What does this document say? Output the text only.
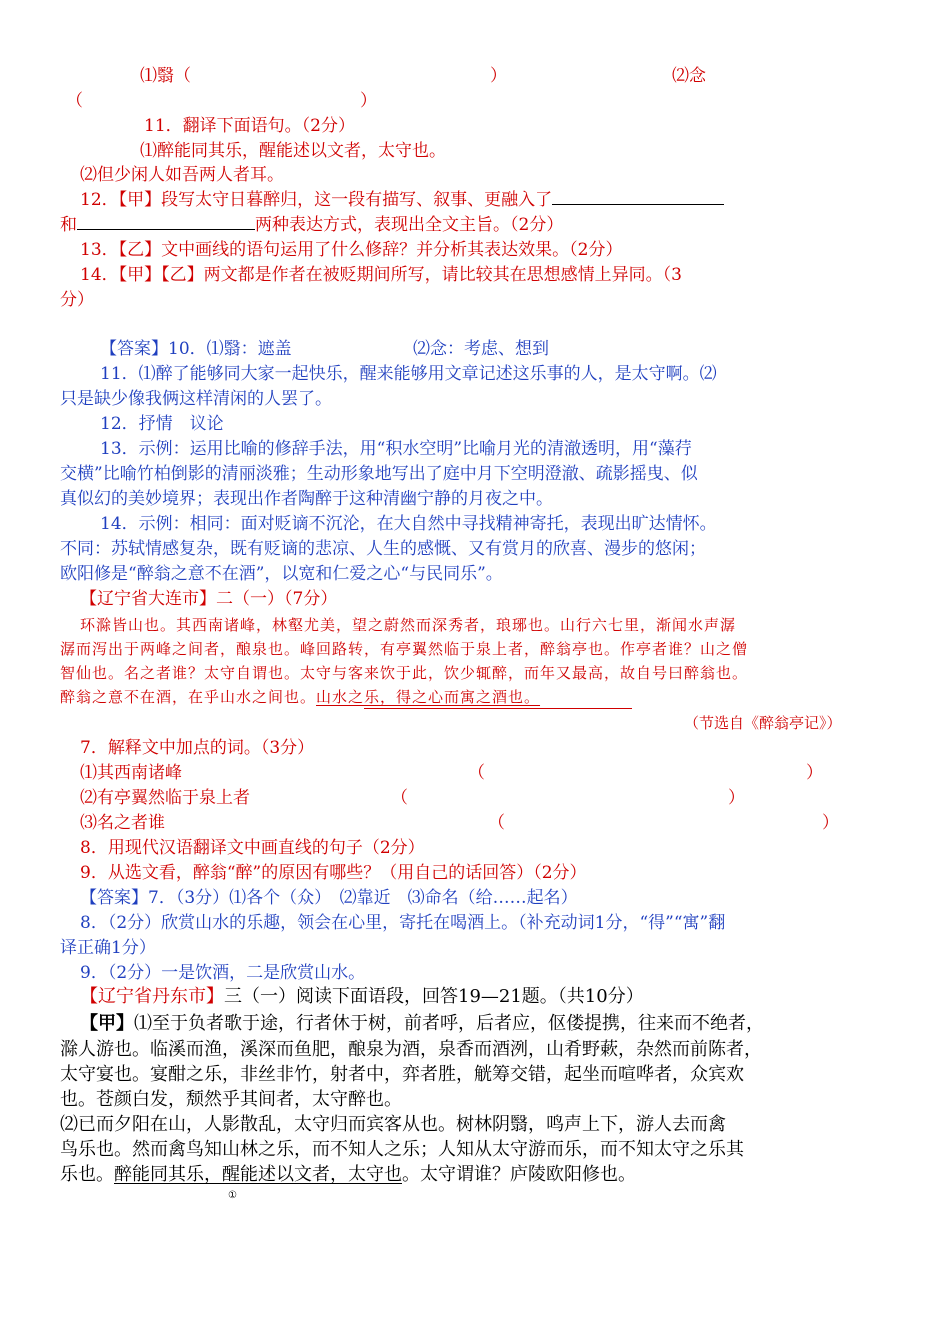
⑴翳（	）	⑵念
（	）
11．翻译下面语句。（2分）
⑴醉能同其乐，醒能述以文者，太守也。
⑵但少闲人如吾两人者耳。
12．【甲】段写太守日暮醉归，这一段有描写、叙事、更融入了
和	两种表达方式，表现出全文主旨。（2分）
13．【乙】文中画线的语句运用了什么修辞？并分析其表达效果。（2分）
14．【甲】【乙】两文都是作者在被贬期间所写，请比较其在思想感情上异同。（3
分）
【答案】10．⑴翳：遮盖	⑵念：考虑、想到
11．⑴醉了能够同大家一起快乐，醒来能够用文章记述这乐事的人，是太守啊。⑵
只是缺少像我俩这样清闲的人罢了。
12．抒情　议论
13．示例：运用比喻的修辞手法，用“积水空明”比喻月光的清澈透明，用“藻荇
交横”比喻竹柏倒影的清丽淡雅；生动形象地写出了庭中月下空明澄澈、疏影摇曳、似
真似幻的美妙境界；表现出作者陶醉于这种清幽宁静的月夜之中。
14．示例：相同：面对贬谪不沉沦，在大自然中寻找精神寄托，表现出旷达情怀。
不同：苏轼情感复杂，既有贬谪的悲凉、人生的感慨、又有赏月的欣喜、漫步的悠闲；
欧阳修是“醉翁之意不在酒”，以宽和仁爱之心“与民同乐”。
【辽宁省大连市】二（一）（7分）
环滁皆山也。其西南诸峰，林壑尤美，望之蔚然而深秀者，琅琊也。山行六七里，渐闻水声潺
潺而泻出于两峰之间者，酿泉也。峰回路转，有亭翼然临于泉上者，醉翁亭也。作亭者谁？山之僧
智仙也。名之者谁？太守自谓也。太守与客来饮于此，饮少辄醉，而年又最高，故自号曰醉翁也。
醉翁之意不在酒，在乎山水之间也。山水之乐，得之心而寓之酒也。
（节选自《醉翁亭记》）
7．解释文中加点的词。（3分）
⑴其西南诸峰	（	）
⑵有亭翼然临于泉上者	（	）
⑶名之者谁	（	）
8．用现代汉语翻译文中画直线的句子（2分）
9．从选文看，醉翁“醉”的原因有哪些？（用自己的话回答）（2分）
【答案】7．（3分）⑴各个（众）　⑵靠近　⑶命名（给……起名）
8．（2分）欣赏山水的乐趣，领会在心里，寄托在喝酒上。（补充动词1分，“得”“寓”翻
译正确1分）
9．（2分）一是饮酒，二是欣赏山水。
【辽宁省丹东市】三（一）阅读下面语段，回答19—21题。（共10分）
【甲】⑴至于负者歌于途，行者休于树，前者呼，后者应，伛偻提携，往来而不绝者，
滁人游也。临溪而渔，溪深而鱼肥，酿泉为酒，泉香而酒洌，山肴野蔌，杂然而前陈者，
太守宴也。宴酣之乐，非丝非竹，射者中，弈者胜，觥筹交错，起坐而喧哗者，众宾欢
也。苍颜白发，颓然乎其间者，太守醉也。
⑵已而夕阳在山，人影散乱，太守归而宾客从也。树林阴翳，鸣声上下，游人去而禽
鸟乐也。然而禽鸟知山林之乐，而不知人之乐；人知从太守游而乐，而不知太守之乐其
乐也。醉能同其乐，醒能述以文者，太守也。太守谓谁？庐陵欧阳修也。
①
